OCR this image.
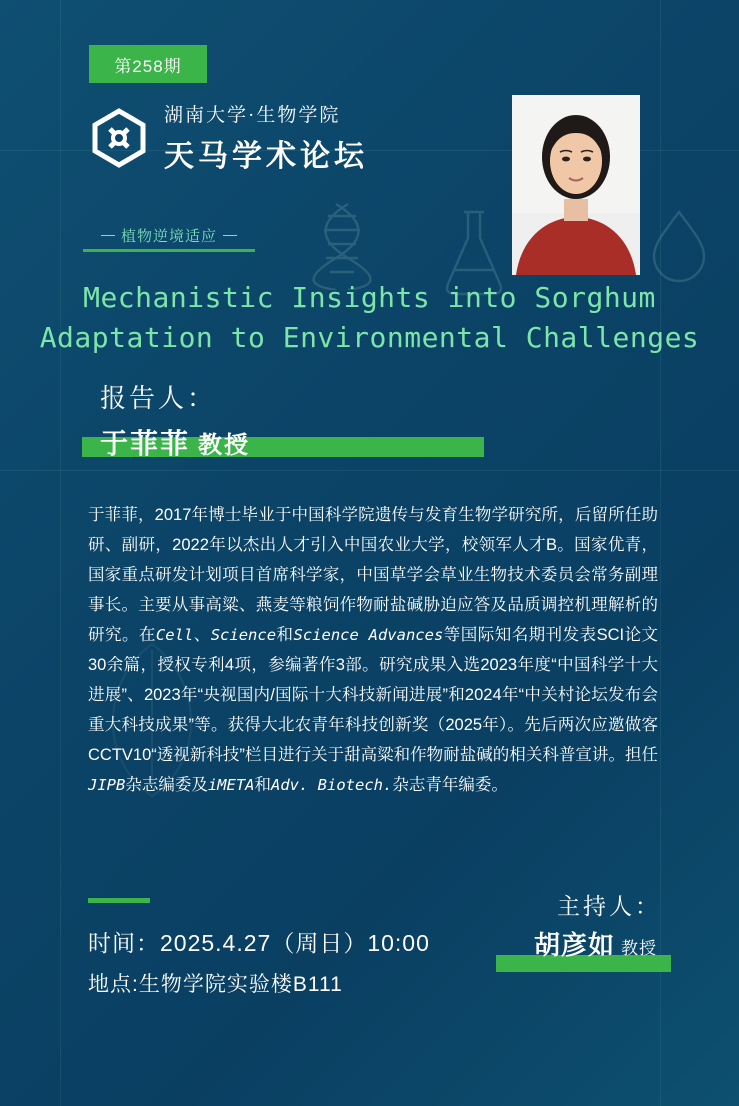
第258期
湖南大学·生物学院
天马学术论坛
植物逆境适应
Mechanistic Insights into Sorghum
Adaptation to Environmental Challenges
报告人：
于菲菲 教授
于菲菲，2017年博士毕业于中国科学院遗传与发育生物学研究所，后留所任助研、副研，2022年以杰出人才引入中国农业大学，校领军人才B。国家优青，国家重点研发计划项目首席科学家，中国草学会草业生物技术委员会常务副理事长。主要从事高粱、燕麦等粮饲作物耐盐碱胁迫应答及品质调控机理解析的研究。在Cell、Science和Science Advances等国际知名期刊发表SCI论文30余篇，授权专利4项，参编著作3部。研究成果入选2023年度“中国科学十大进展”、2023年“央视国内/国际十大科技新闻进展”和2024年“中关村论坛发布会重大科技成果”等。获得大北农青年科技创新奖（2025年）。先后两次应邀做客CCTV10“透视新科技”栏目进行关于甜高粱和作物耐盐碱的相关科普宣讲。担任JIPB杂志编委及iMETA和Adv. Biotech.杂志青年编委。
时间：2025.4.27（周日）10:00
地点:生物学院实验楼B111
主持人：
胡彦如 教授
